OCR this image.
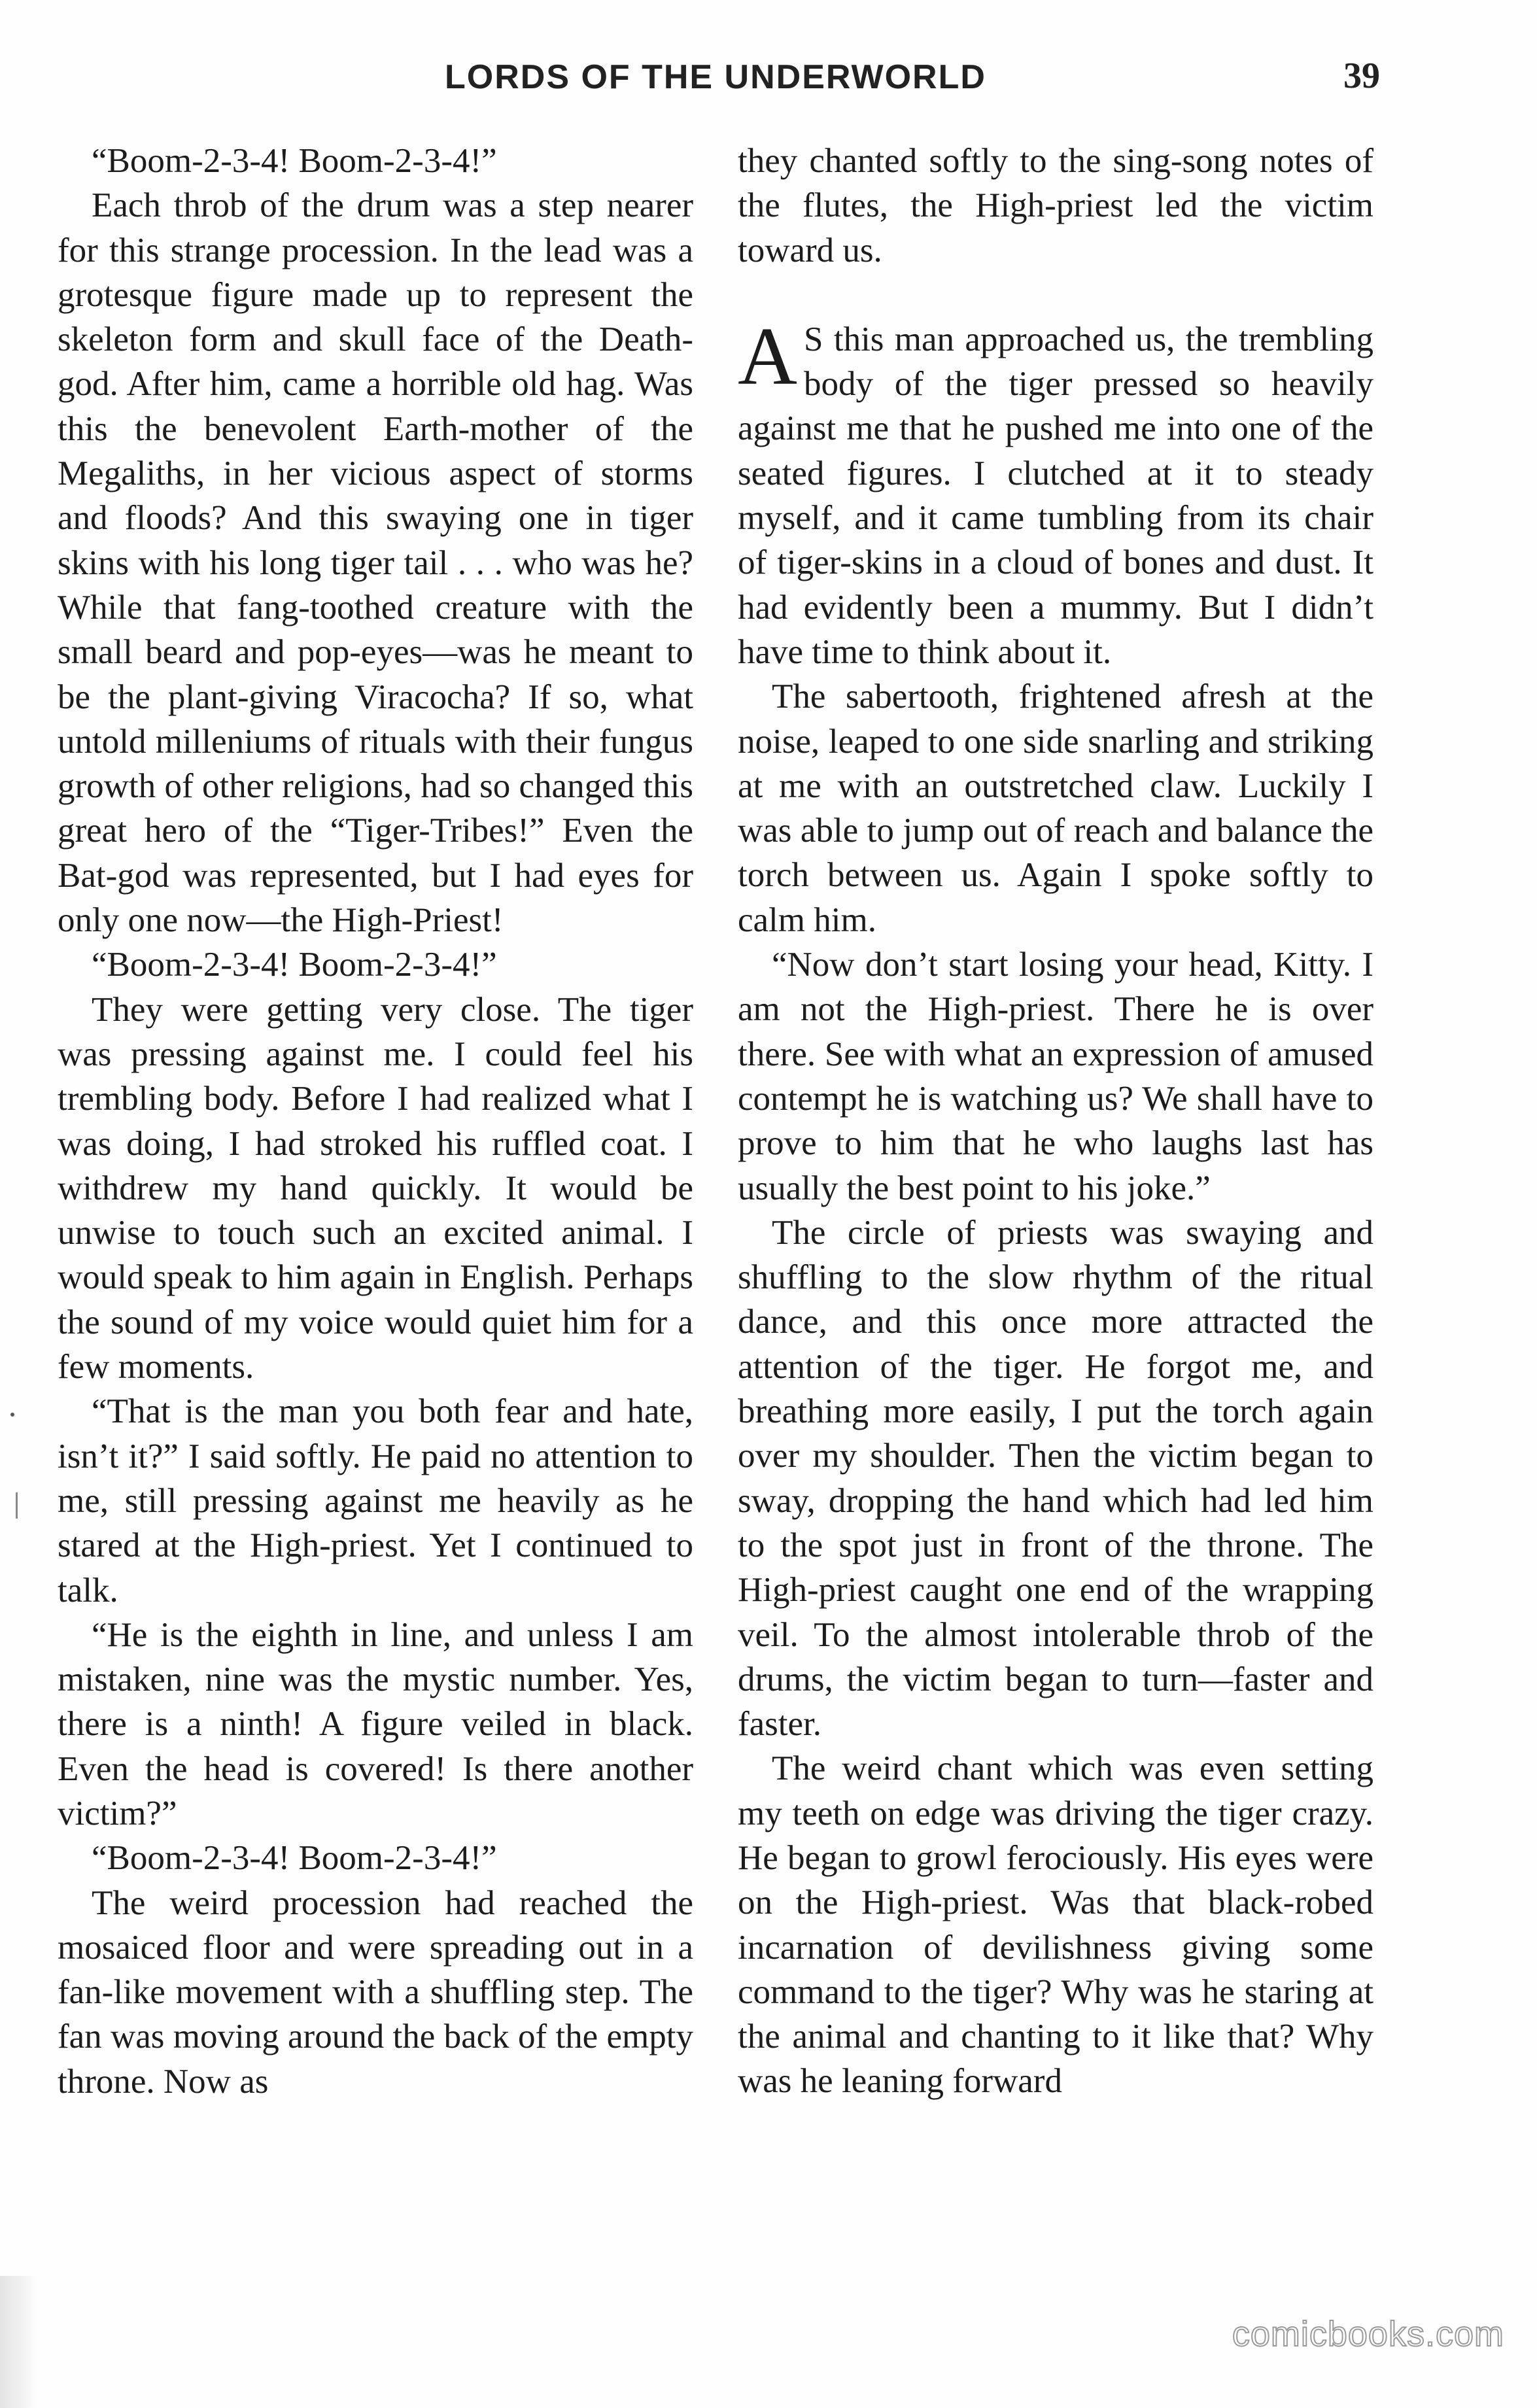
LORDS OF THE UNDERWORLD	39

“Boom-2-3-4! Boom-2-3-4!”

Each throb of the drum was a step nearer for this strange procession. In the lead was a grotesque figure made up to represent the skeleton form and skull face of the Death-god. After him, came a horrible old hag. Was this the benevolent Earth-mother of the Megaliths, in her vicious aspect of storms and floods? And this swaying one in tiger skins with his long tiger tail . . . who was he? While that fang-toothed creature with the small beard and pop-eyes—was he meant to be the plant-giving Viracocha? If so, what untold milleniums of rituals with their fungus growth of other religions, had so changed this great hero of the “Tiger-Tribes!” Even the Bat-god was represented, but I had eyes for only one now—the High-Priest!

“Boom-2-3-4! Boom-2-3-4!”

They were getting very close. The tiger was pressing against me. I could feel his trembling body. Before I had realized what I was doing, I had stroked his ruffled coat. I withdrew my hand quickly. It would be unwise to touch such an excited animal. I would speak to him again in English. Perhaps the sound of my voice would quiet him for a few moments.

“That is the man you both fear and hate, isn’t it?” I said softly. He paid no attention to me, still pressing against me heavily as he stared at the High-priest. Yet I continued to talk.

“He is the eighth in line, and unless I am mistaken, nine was the mystic number. Yes, there is a ninth! A figure veiled in black. Even the head is covered! Is there another victim?”

“Boom-2-3-4! Boom-2-3-4!”

The weird procession had reached the mosaiced floor and were spreading out in a fan-like movement with a shuffling step. The fan was moving around the back of the empty throne. Now as

they chanted softly to the sing-song notes of the flutes, the High-priest led the victim toward us.

A S this man approached us, the trembling body of the tiger pressed so heavily against me that he pushed me into one of the seated figures. I clutched at it to steady myself, and it came tumbling from its chair of tiger-skins in a cloud of bones and dust. It had evidently been a mummy. But I didn’t have time to think about it.

The sabertooth, frightened afresh at the noise, leaped to one side snarling and striking at me with an outstretched claw. Luckily I was able to jump out of reach and balance the torch between us. Again I spoke softly to calm him.

“Now don’t start losing your head, Kitty. I am not the High-priest. There he is over there. See with what an expression of amused contempt he is watching us? We shall have to prove to him that he who laughs last has usually the best point to his joke.”

The circle of priests was swaying and shuffling to the slow rhythm of the ritual dance, and this once more attracted the attention of the tiger. He forgot me, and breathing more easily, I put the torch again over my shoulder. Then the victim began to sway, dropping the hand which had led him to the spot just in front of the throne. The High-priest caught one end of the wrapping veil. To the almost intolerable throb of the drums, the victim began to turn—faster and faster.

The weird chant which was even setting my teeth on edge was driving the tiger crazy. He began to growl ferociously. His eyes were on the High-priest. Was that black-robed incarnation of devilishness giving some command to the tiger? Why was he staring at the animal and chanting to it like that? Why was he leaning forward

comicbooks.com
